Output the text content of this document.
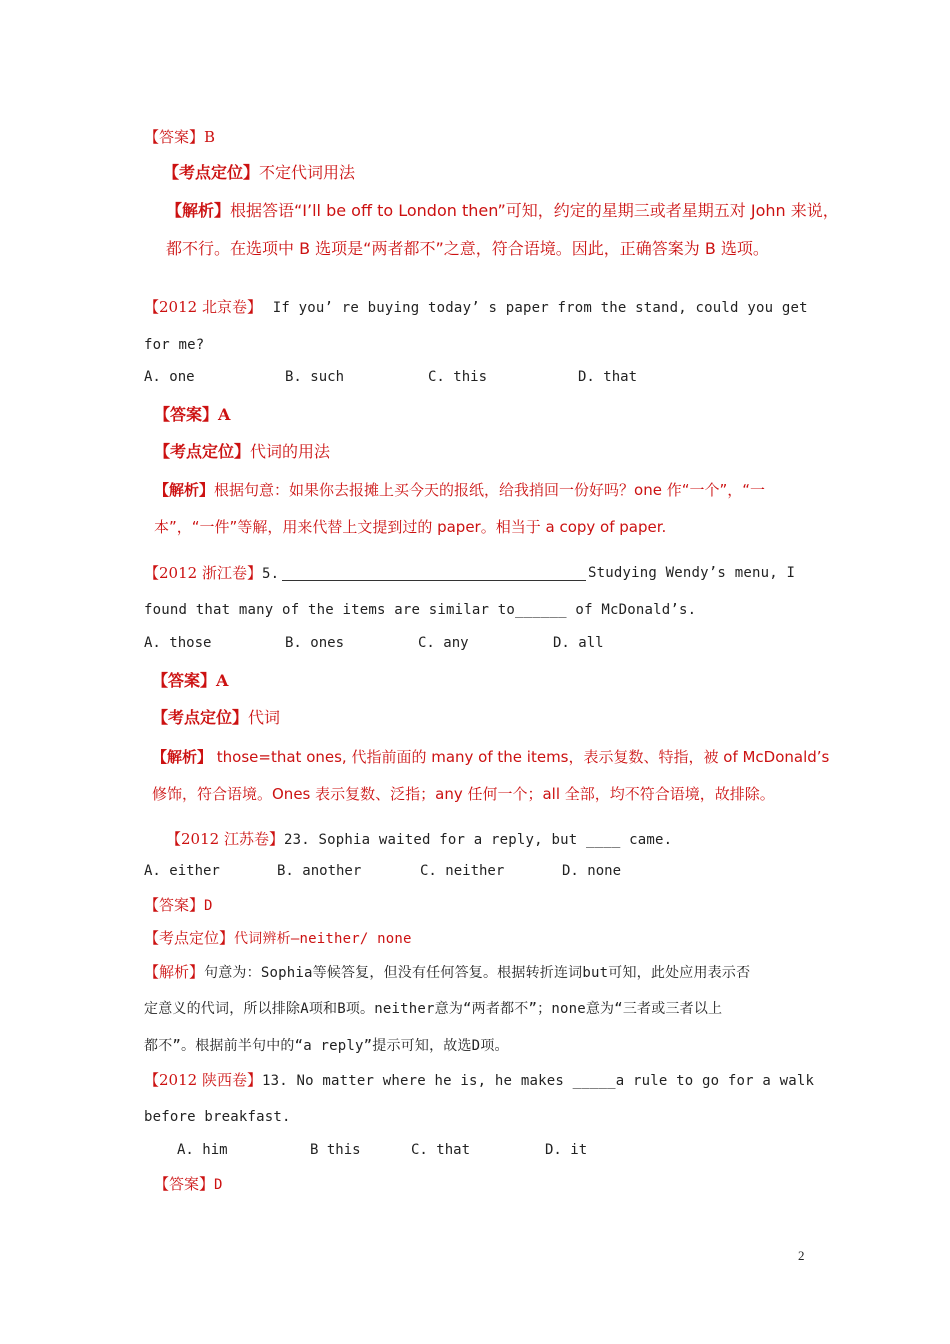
【答案】B
【考点定位】不定代词用法
【解析】根据答语“I’ll be off to London then”可知，约定的星期三或者星期五对 John 来说，
都不行。在选项中 B 选项是“两者都不”之意，符合语境。因此，正确答案为 B 选项。
【2012 北京卷】 If you’ re buying today’ s paper from the stand, could you get
for me?
A. one	B. such	C. this	D. that
【答案】A
【考点定位】代词的用法
【解析】根据句意：如果你去报摊上买今天的报纸，给我捎回一份好吗？one 作“一个”，“一
本”，“一件”等解，用来代替上文提到过的 paper。相当于 a copy of paper.
【2012 浙江卷】5.	Studying Wendy’s menu, I
found that many of the items are similar to______ of McDonald’s.
A. those	B. ones	C. any	D. all
【答案】A
【考点定位】代词
【解析】 those=that ones, 代指前面的 many of the items，表示复数、特指，被 of McDonald’s
修饰，符合语境。Ones 表示复数、泛指；any 任何一个；all 全部，均不符合语境，故排除。
【2012 江苏卷】23. Sophia waited for a reply, but ____ came.
A. either	B. another	C. neither	D. none
【答案】D
【考点定位】代词辨析—neither/ none
【解析】句意为：Sophia等候答复，但没有任何答复。根据转折连词but可知，此处应用表示否
定意义的代词，所以排除A项和B项。neither意为“两者都不”；none意为“三者或三者以上
都不”。根据前半句中的“a reply”提示可知，故选D项。
【2012 陕西卷】13. No matter where he is, he makes _____a rule to go for a walk
before breakfast.
A. him	B this	C. that	D. it
【答案】D
2
